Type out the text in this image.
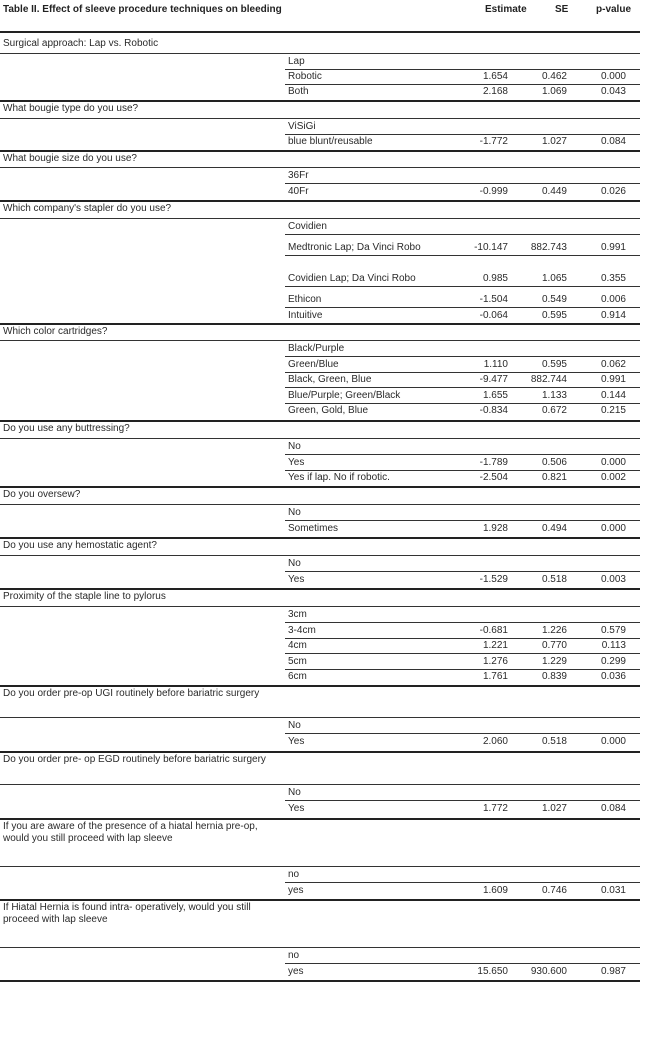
Table II. Effect of sleeve procedure techniques on bleeding	Estimate	SE	p-value
Surgical approach: Lap vs. Robotic
Lap
Robotic	1.654	0.462	0.000
Both	2.168	1.069	0.043
What bougie type do you use?
ViSiGi
blue blunt/reusable	-1.772	1.027	0.084
What bougie size do you use?
36Fr
40Fr	-0.999	0.449	0.026
Which company's stapler do you use?
Covidien
Medtronic Lap; Da Vinci Robo	-10.147	882.743	0.991
Covidien Lap; Da Vinci Robo	0.985	1.065	0.355
Ethicon	-1.504	0.549	0.006
Intuitive	-0.064	0.595	0.914
Which color cartridges?
Black/Purple
Green/Blue	1.110	0.595	0.062
Black, Green, Blue	-9.477	882.744	0.991
Blue/Purple; Green/Black	1.655	1.133	0.144
Green, Gold, Blue	-0.834	0.672	0.215
Do you use any buttressing?
No
Yes	-1.789	0.506	0.000
Yes if lap. No if robotic.	-2.504	0.821	0.002
Do you oversew?
No
Sometimes	1.928	0.494	0.000
Do you use any hemostatic agent?
No
Yes	-1.529	0.518	0.003
Proximity of the staple line to pylorus
3cm
3-4cm	-0.681	1.226	0.579
4cm	1.221	0.770	0.113
5cm	1.276	1.229	0.299
6cm	1.761	0.839	0.036
Do you order pre-op UGI routinely before bariatric surgery
No
Yes	2.060	0.518	0.000
Do you order pre- op EGD routinely before bariatric surgery
No
Yes	1.772	1.027	0.084
If you are aware of the presence of a hiatal hernia pre-op, would you still proceed with lap sleeve
no
yes	1.609	0.746	0.031
If Hiatal Hernia is found intra- operatively, would you still proceed with lap sleeve
no
yes	15.650	930.600	0.987
